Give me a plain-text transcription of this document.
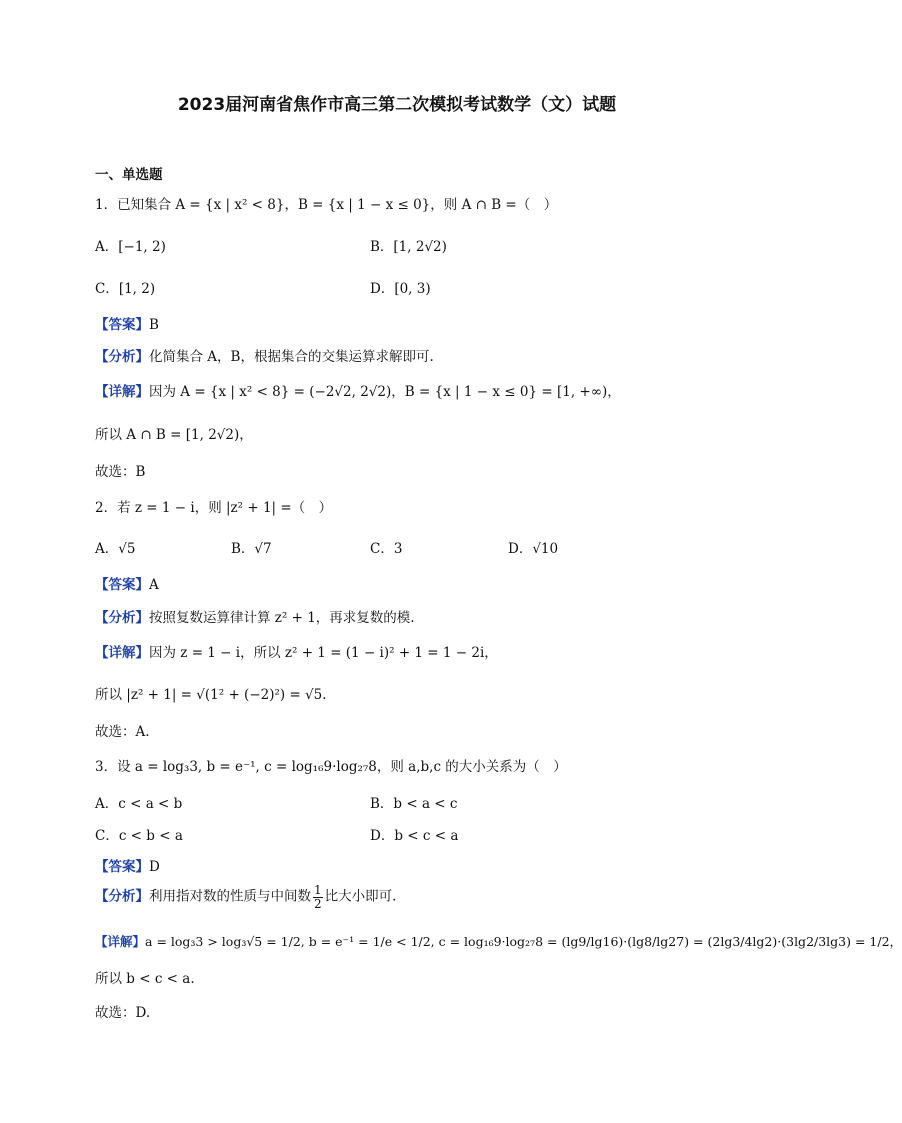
2023届河南省焦作市高三第二次模拟考试数学（文）试题
一、单选题
1．已知集合 A = {x | x² < 8}，B = {x | 1 − x ≤ 0}，则 A ∩ B =（　）
A．[−1, 2)	B．[1, 2√2)
C．[1, 2)	D．[0, 3)
【答案】B
【分析】化简集合 A，B，根据集合的交集运算求解即可.
【详解】因为 A = {x | x² < 8} = (−2√2, 2√2)，B = {x | 1 − x ≤ 0} = [1, +∞)，
所以 A ∩ B = [1, 2√2)，
故选：B
2．若 z = 1 − i，则 |z² + 1| =（　）
A．√5	B．√7	C．3	D．√10
【答案】A
【分析】按照复数运算律计算 z² + 1，再求复数的模.
【详解】因为 z = 1 − i，所以 z² + 1 = (1 − i)² + 1 = 1 − 2i，
所以 |z² + 1| = √(1² + (−2)²) = √5.
故选：A.
3．设 a = log₃3, b = e⁻¹, c = log₁₆9·log₂₇8，则 a,b,c 的大小关系为（　）
A．c < a < b	B．b < a < c
C．c < b < a	D．b < c < a
【答案】D
【分析】利用指对数的性质与中间数 $\frac{1}{2}$ 比大小即可.
【详解】a = log₃3 > log₃√5 = 1/2, b = e⁻¹ = 1/e < 1/2, c = log₁₆9·log₂₇8 = (lg9/lg16)·(lg8/lg27) = (2lg3/4lg2)·(3lg2/3lg3) = 1/2，
所以 b < c < a.
故选：D.
